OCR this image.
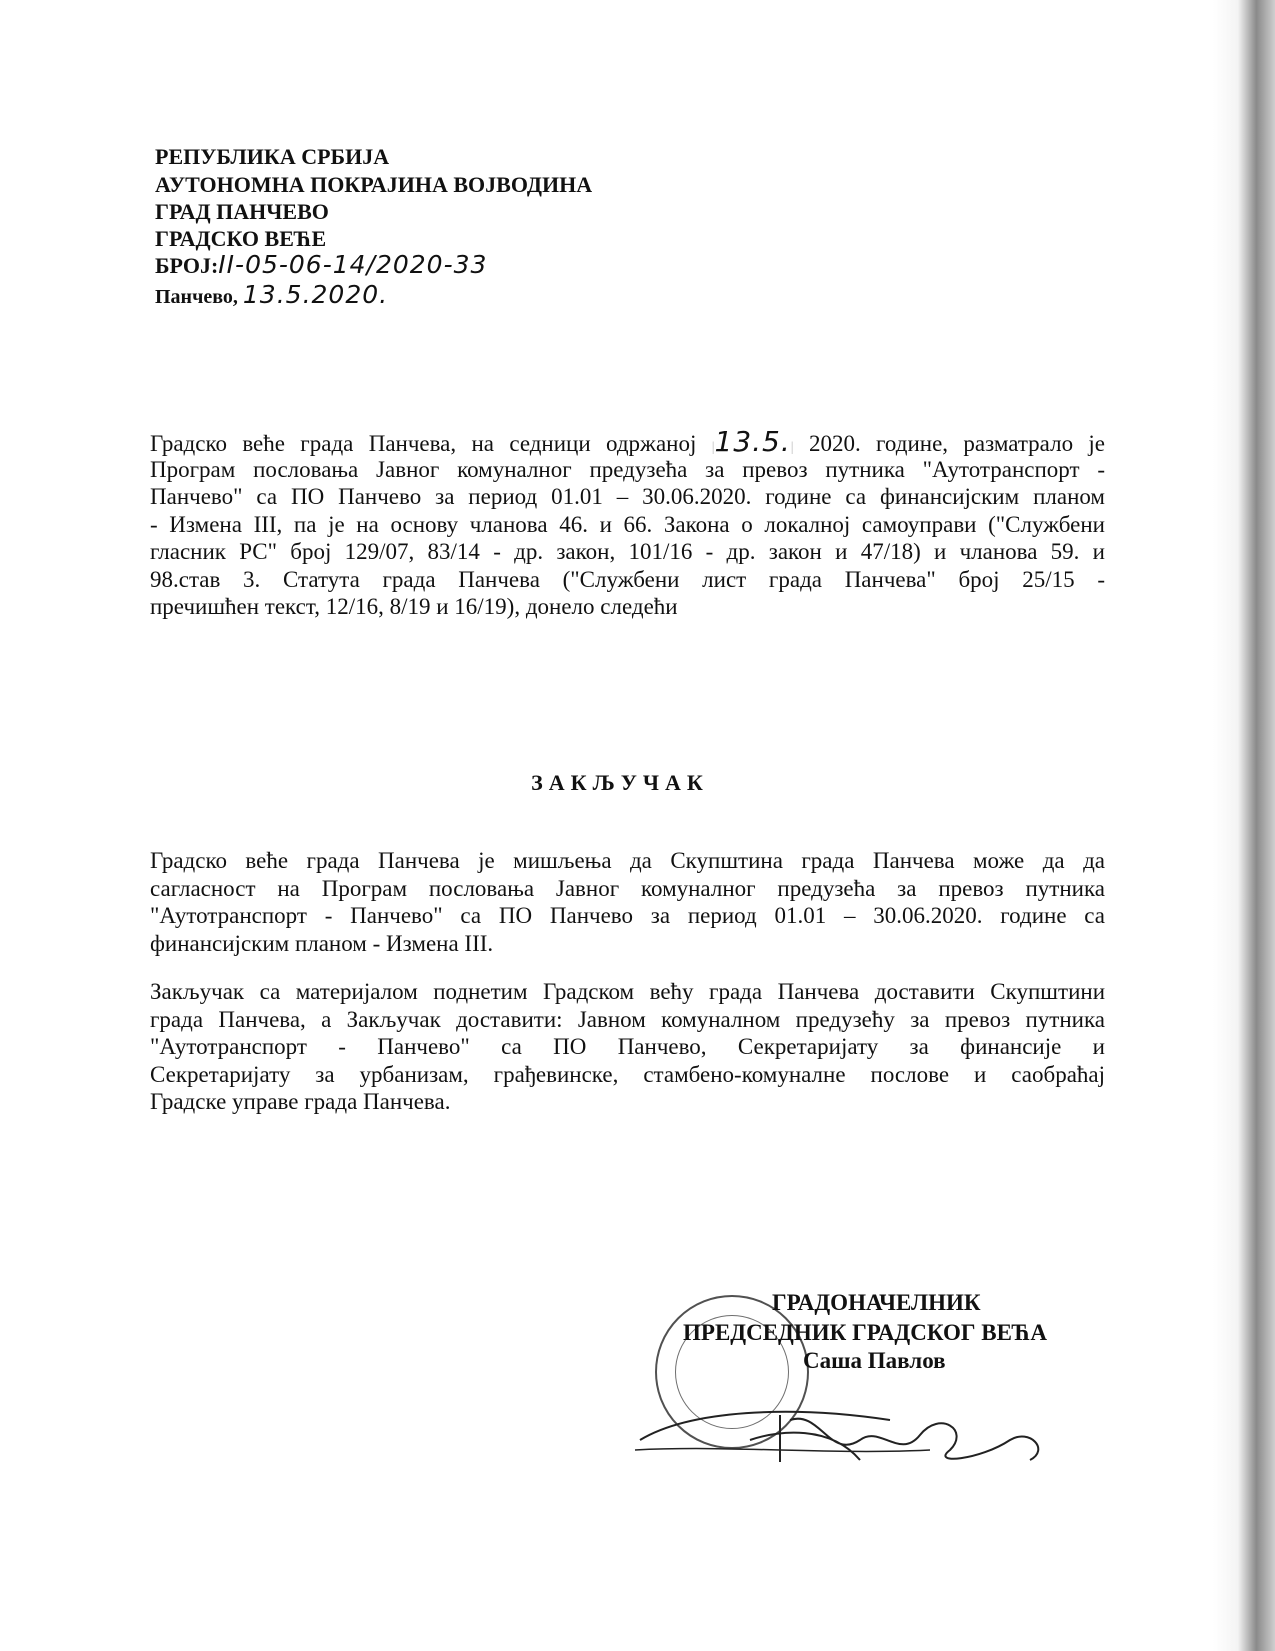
РЕПУБЛИКА СРБИЈА
АУТОНОМНА ПОКРАЈИНА ВОЈВОДИНА
ГРАД ПАНЧЕВО
ГРАДСКО ВЕЋЕ
БРОЈ:II-05-06-14/2020-33
Панчево, 13.5.2020.
Градско веће града Панчева, на седници одржаној |13.5.| 2020. године, разматрало је
Програм пословања Јавног комуналног предузећа за превоз путника "Аутотранспорт -
Панчево" са ПО Панчево за период 01.01 – 30.06.2020. године са финансијским планом
- Измена III, па је на основу чланова 46. и 66. Закона о локалној самоуправи ("Службени
гласник РС" број 129/07, 83/14 - др. закон, 101/16 - др. закон и 47/18) и чланова 59. и
98.став 3. Статута града Панчева ("Службени лист града Панчева" број 25/15 -
пречишћен текст, 12/16, 8/19 и 16/19), донело следећи
ЗАКЉУЧАК
Градско веће града Панчева је мишљења да Скупштина града Панчева може да да
сагласност на Програм пословања Јавног комуналног предузећа за превоз путника
"Аутотранспорт - Панчево" са ПО Панчево за период 01.01 – 30.06.2020. године са
финансијским планом - Измена III.
Закључак са материјалом поднетим Градском већу града Панчева доставити Скупштини
града Панчева, а Закључак доставити: Јавном комуналном предузећу за превоз путника
"Аутотранспорт - Панчево" са ПО Панчево, Секретаријату за финансије и
Секретаријату за урбанизам, грађевинске, стамбено-комуналне послове и саобраћај
Градске управе града Панчева.
ГРАДОНАЧЕЛНИК
ПРЕДСЕДНИК ГРАДСКОГ ВЕЋА
Саша Павлов
